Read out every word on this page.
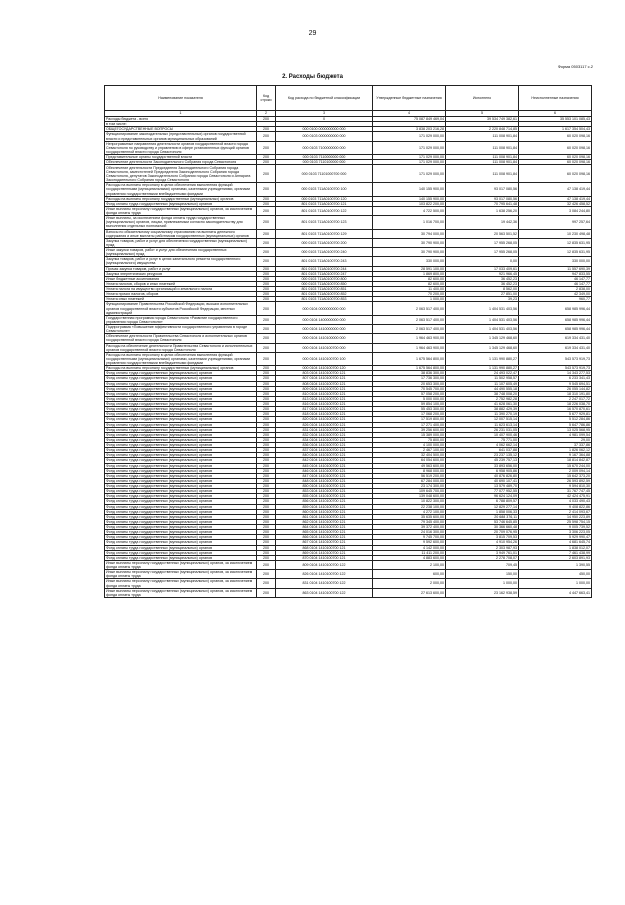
29
Форма 0503117 с.2
2. Расходы бюджета
Наименование показателя	Код строки	Код расхода по бюджетной классификации	Утвержденные бюджетные назначения	Исполнено	Неисполненные назначения
1	2	3	4	5	6
Расходы бюджета - всего	200	X	75 087 849 469,04	39 534 749 382,61	35 553 101 085,43
в том числе:					
ОБЩЕГОСУДАРСТВЕННЫЕ ВОПРОСЫ	200	000 0100 0000000000 000	3 838 203 216,28	2 220 848 714,85	1 617 354 504,43
Функционирование законодательных (представительных) органов государственной власти и представительных органов муниципальных образований	200	000 0103 0000000000 000	171 029 000,00	111 008 901,84	60 020 098,16
Непрограммные направления деятельности органов государственной власти города Севастополя по руководству и управлению в сфере установленных функций органов государственной власти города Севастополя	200	000 0103 7100000000 000	171 029 000,00	111 008 901,84	60 020 098,16
Представительные органы государственной власти	200	000 0103 7110000000 000	171 029 000,00	111 008 901,84	60 020 098,16
Обеспечение деятельности Законодательного Собрания города Севастополя	200	000 0103 7110100000 000	171 029 000,00	111 008 901,84	60 020 098,16
Обеспечение деятельности Председателя Законодательного Собрания города Севастополя, заместителей Председателя Законодательного Собрания города Севастополя, депутатов Законодательного Собрания города Севастополя и Аппарата Законодательного Собрания города Севастополя	200	000 0103 71101000700 000	171 029 000,00	111 008 901,84	60 020 098,16
Расходы на выплаты персоналу в целях обеспечения выполнения функций государственными (муниципальными) органами, казенными учреждениями, органами управления государственными внебюджетными фондами	200	000 0103 711A0100700 100	140 155 900,00	93 017 080,56	47 138 419,44
Расходы на выплаты персоналу государственных (муниципальных) органов	200	000 0103 711A0100700 120	140 155 900,00	93 017 080,56	47 138 419,44
Фонд оплаты труда государственных (муниципальных) органов	200	801 0103 711A0100700 121	103 822 200,00	70 795 641,48	32 426 458,52
Иные выплаты персоналу государственных (муниципальных) органов, за исключением фонда оплаты труда	200	801 0103 711A0100700 122	4 722 500,00	1 638 256,20	3 084 244,80
Иные выплаты, за исключением фонда оплаты труда государственных (муниципальных) органов, лицам, привлекаемым согласно законодательству для выполнения отдельных полномочий	200	801 0103 711A0100700 123	1 016 700,00	19 442,36	997 257,64
Взносы по обязательному социальному страхованию на выплаты денежного содержания и иные выплаты работникам государственных (муниципальных) органов	200	801 0103 711A0100700 129	30 794 000,00	20 563 501,52	10 230 498,48
Закупка товаров, работ и услуг для обеспечения государственных (муниципальных) нужд	200	000 0103 711A0100700 200	30 790 900,00	17 955 268,05	12 835 631,95
Иные закупки товаров, работ и услуг для обеспечения государственных (муниципальных) нужд	200	000 0103 711A0100700 240	30 790 900,00	17 955 268,05	12 835 631,95
Закупка товаров, работ и услуг в целях капитального ремонта государственного (муниципального) имущества	200	801 0103 711A0100700 243	330 000,00	0,00	330 000,00
Прочая закупка товаров, работ и услуг	200	801 0103 711A0100700 244	28 591 100,00	17 033 409,61	11 557 690,39
Закупка энергетических ресурсов	200	801 0103 711A0100700 247	1 869 800,00	921 966,45	947 833,55
Иные бюджетные ассигнования	200	000 0103 711A0100700 800	82 600,00	36 452,23	46 147,77
Уплата налогов, сборов и иных платежей	200	000 0103 711A0100700 850	82 600,00	36 452,23	46 147,77
Уплата налога на имущество организаций и земельного налога	200	801 0103 711A0100700 851	11 400,00	8 562,00	2 838,00
Уплата прочих налогов, сборов	200	801 0103 711A0100700 852	70 200,00	27 851,00	42 349,00
Уплата иных платежей	200	801 0103 711A0100700 853	1 000,00	39,23	960,77
Функционирование Правительства Российской Федерации, высших исполнительных органов государственной власти субъектов Российской Федерации, местных администраций	200	000 0104 0000000000 000	2 063 517 400,00	1 404 531 403,56	658 985 996,44
Государственная программа города Севастополя «Развитие государственного управления города Севастополя»	200	000 0104 1400000000 000	2 063 517 400,00	1 404 531 403,56	658 985 996,44
Подпрограмма «Повышение эффективности государственного управления в городе Севастополе»	200	000 0104 1410000000 000	2 063 517 400,00	1 404 531 403,56	658 985 996,44
Обеспечение деятельности Правительства Севастополя и исполнительных органов государственной власти города Севастополя	200	000 0104 1410100000 000	1 964 463 900,00	1 345 129 468,60	619 334 431,40
Расходы на обеспечение деятельности Правительства Севастополя и исполнительных органов государственной власти города Севастополя	200	000 0104 1410100700 000	1 964 463 900,00	1 345 129 468,60	619 334 431,40
Расходы на выплаты персоналу в целях обеспечения выполнения функций государственными (муниципальными) органами, казенными учреждениями, органами управления государственными внебюджетными фондами	200	000 0104 1410100700 100	1 675 564 800,00	1 131 990 880,27	543 573 919,73
Расходы на выплаты персоналу государственных (муниципальных) органов	200	000 0104 1410100700 120	1 675 564 800,00	1 131 990 880,27	543 573 919,73
Фонд оплаты труда государственных (муниципальных) органов	200	803 0104 1410100700 121	38 836 300,00	24 493 022,47	14 343 277,53
Фонд оплаты труда государственных (муниципальных) органов	200	807 0104 1410100700 121	17 736 300,00	11 502 958,57	6 233 341,43
Фонд оплаты труда государственных (муниципальных) органов	200	808 0104 1410100700 121	20 653 300,00	11 107 605,49	9 545 694,51
Фонд оплаты труда государственных (муниципальных) органов	200	809 0104 1410100700 121	70 545 700,00	44 490 555,18	26 055 144,82
Фонд оплаты труда государственных (муниципальных) органов	200	810 0104 1410100700 121	57 058 200,00	38 748 008,20	18 310 191,80
Фонд оплаты труда государственных (муниципальных) органов	200	813 0104 1410100700 121	5 000 000,00	2 752 982,28	2 247 017,72
Фонд оплаты труда государственных (муниципальных) органов	200	816 0104 1410100700 121	59 854 100,00	41 628 061,30	18 226 038,70
Фонд оплаты труда государственных (муниципальных) органов	200	817 0104 1410100700 121	55 453 300,00	38 882 429,39	16 570 870,61
Фонд оплаты труда государственных (муниципальных) органов	200	818 0104 1410100700 121	17 068 200,00	11 390 270,19	5 677 929,81
Фонд оплаты труда государственных (муниципальных) органов	200	820 0104 1410100700 121	17 519 800,00	12 007 515,14	5 512 284,86
Фонд оплаты труда государственных (муниципальных) органов	200	826 0104 1410100700 121	17 271 400,00	11 623 613,14	5 647 786,86
Фонд оплаты труда государственных (муниципальных) органов	200	831 0104 1410100700 121	39 256 600,00	26 231 031,05	13 025 568,95
Фонд оплаты труда государственных (муниципальных) органов	200	832 0104 1410100700 121	15 389 000,00	10 407 900,46	4 981 099,54
Фонд оплаты труда государственных (муниципальных) органов	200	834 0104 1410100700 121	75 800,00	75 771,00	29,00
Фонд оплаты труда государственных (муниципальных) органов	200	836 0104 1410100700 121	4 100 000,00	4 062 662,14	37 337,86
Фонд оплаты труда государственных (муниципальных) органов	200	837 0104 1410100700 121	2 467 100,00	641 037,88	1 826 062,12
Фонд оплаты труда государственных (муниципальных) органов	200	840 0104 1410100700 121	32 404 500,00	23 237 135,12	9 167 364,88
Фонд оплаты труда государственных (муниципальных) органов	200	842 0104 1410100700 121	64 054 600,00	45 239 757,13	18 814 842,87
Фонд оплаты труда государственных (муниципальных) органов	200	845 0104 1410100700 121	49 563 600,00	33 893 656,00	15 670 244,00
Фонд оплаты труда государственных (муниципальных) органов	200	846 0104 1410100700 121	8 968 000,00	6 958 905,86	2 009 094,14
Фонд оплаты труда государственных (муниципальных) органов	200	847 0104 1410100700 121	56 519 200,00	40 876 826,80	15 642 373,20
Фонд оплаты труда государственных (муниципальных) органов	200	848 0104 1410100700 121	67 284 000,00	40 690 107,41	26 593 892,59
Фонд оплаты труда государственных (муниципальных) органов	200	850 0104 1410100700 121	23 174 300,00	13 579 489,70	9 594 810,30
Фонд оплаты труда государственных (муниципальных) органов	200	853 0104 1410100700 121	109 645 700,00	77 077 952,55	31 767 747,45
Фонд оплаты труда государственных (муниципальных) органов	200	855 0104 1410100700 121	139 048 600,00	96 624 124,09	42 424 475,91
Фонд оплаты труда государственных (муниципальных) органов	200	856 0104 1410100700 121	10 822 300,00	6 788 809,57	4 033 490,43
Фонд оплаты труда государственных (муниципальных) органов	200	859 0104 1410100700 121	22 238 100,00	12 829 277,14	9 408 822,86
Фонд оплаты труда государственных (муниципальных) органов	200	860 0104 1410100700 121	4 272 100,00	1 858 006,33	2 414 093,67
Фонд оплаты труда государственных (муниципальных) органов	200	861 0104 1410100700 121	35 635 600,00	20 688 376,11	14 950 223,89
Фонд оплаты труда государственных (муниципальных) органов	200	862 0104 1410100700 121	79 345 400,00	53 746 645,85	25 598 754,15
Фонд оплаты труда государственных (муниципальных) органов	200	864 0104 1410100700 121	39 372 400,00	30 366 660,48	9 005 739,52
Фонд оплаты труда государственных (муниципальных) органов	200	865 0104 1410100700 121	24 016 300,00	20 709 076,95	3 306 223,05
Фонд оплаты труда государственных (муниципальных) органов	200	866 0104 1410100700 121	9 745 700,00	3 815 709,53	5 929 990,47
Фонд оплаты труда государственных (муниципальных) органов	200	867 0104 1410100700 121	9 592 600,00	4 910 954,26	4 681 645,74
Фонд оплаты труда государственных (муниципальных) органов	200	868 0104 1410100700 121	4 142 000,00	2 303 987,93	1 838 012,07
Фонд оплаты труда государственных (муниципальных) органов	200	869 0104 1410100700 121	11 411 200,00	3 949 761,01	7 461 438,99
Фонд оплаты труда государственных (муниципальных) органов	200	870 0104 1410100700 121	4 883 600,00	2 278 708,07	2 603 891,93
Иные выплаты персоналу государственных (муниципальных) органов, за исключением фонда оплаты труда	200	809 0104 1410100700 122	2 100,00	709,45	1 390,55
Иные выплаты персоналу государственных (муниципальных) органов, за исключением фонда оплаты труда	200	826 0104 1410100700 122	600,00	150,00	450,00
Иные выплаты персоналу государственных (муниципальных) органов, за исключением фонда оплаты труда	200	831 0104 1410100700 122	2 000,00	1 000,00	1 000,00
Иные выплаты персоналу государственных (муниципальных) органов, за исключением фонда оплаты труда	200	863 0104 1410100700 122	27 613 600,00	23 162 938,59	4 447 663,41
